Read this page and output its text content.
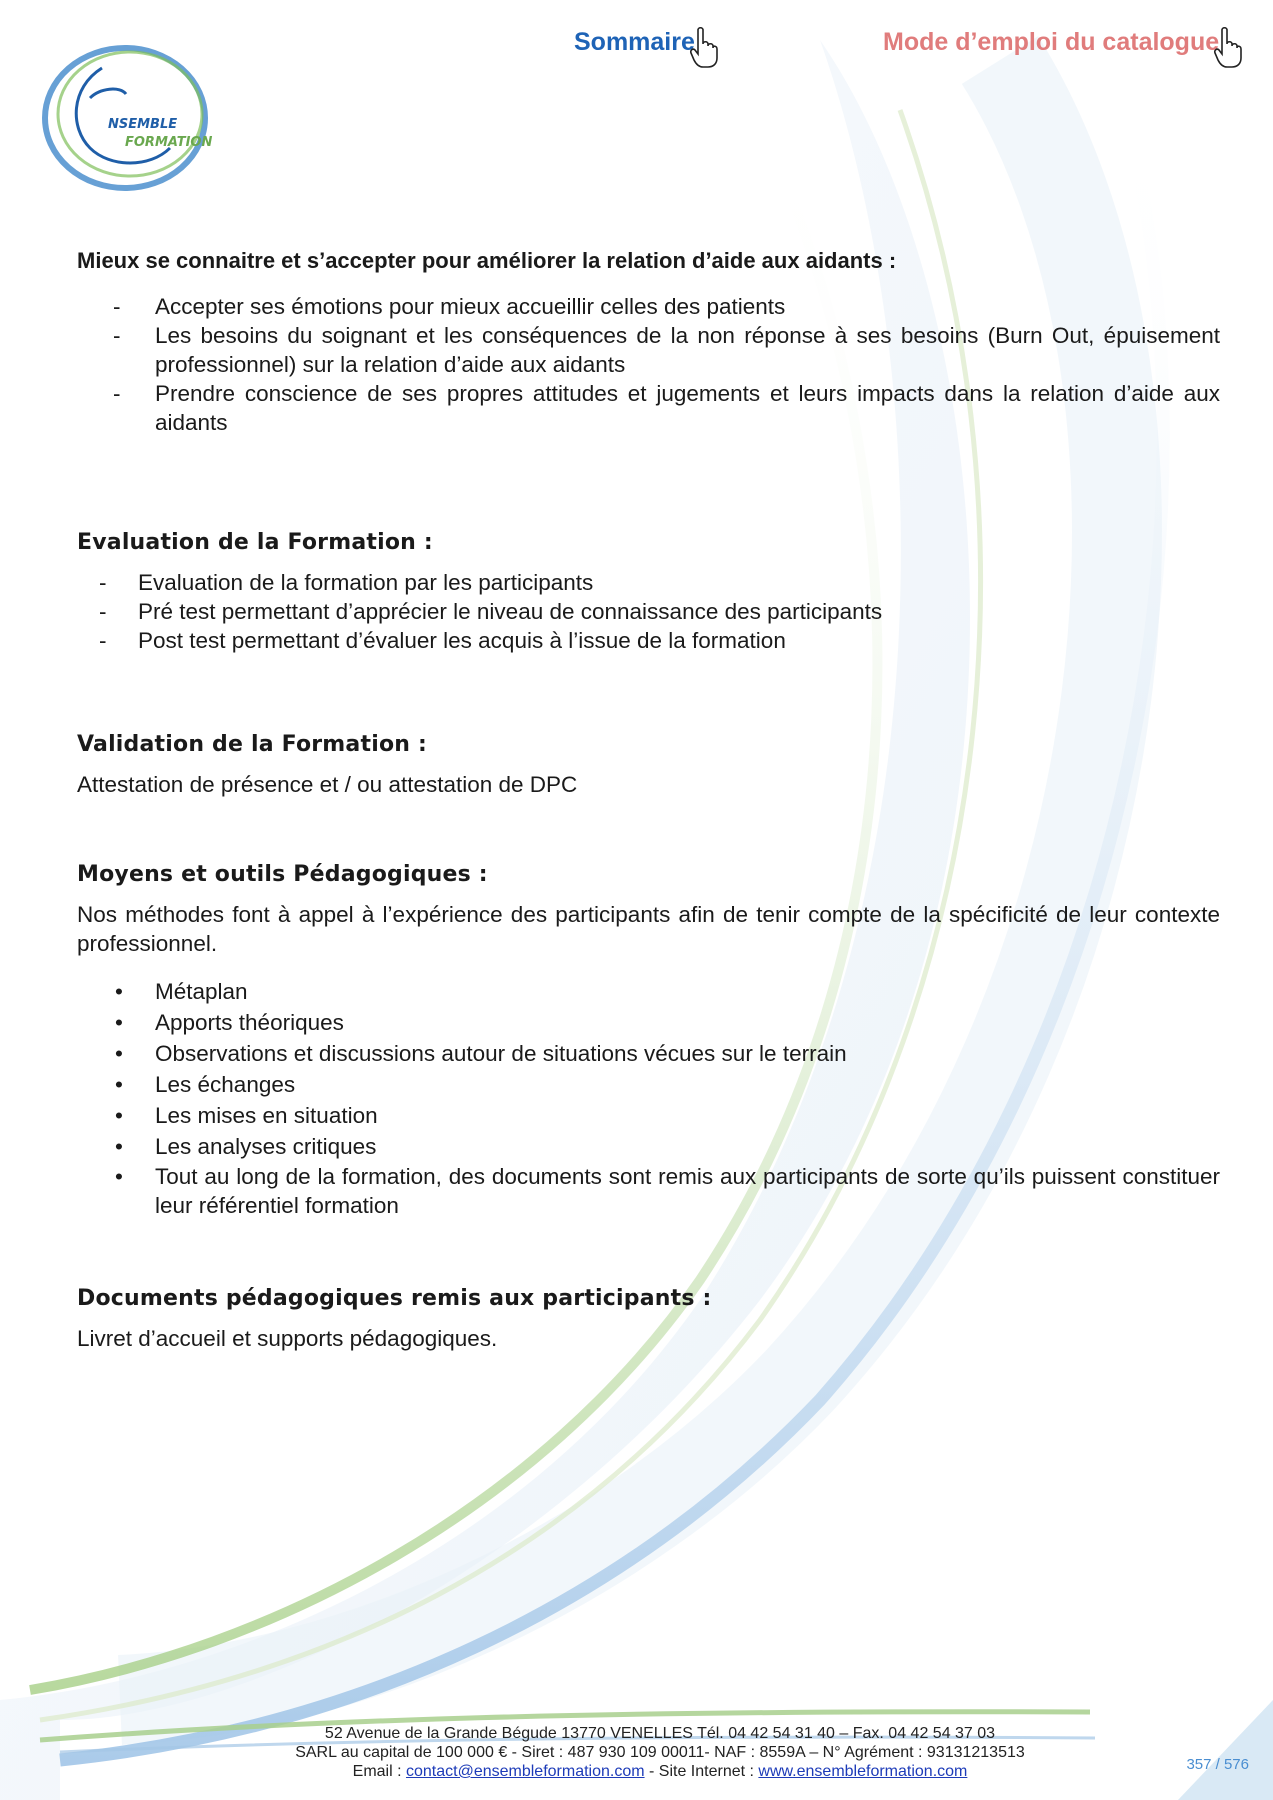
NSEMBLE
FORMATION
Sommaire	Mode d’emploi du catalogue
Mieux se connaitre et s’accepter pour améliorer la relation d’aide aux aidants :
- Accepter ses émotions pour mieux accueillir celles des patients
- Les besoins du soignant et les conséquences de la non réponse à ses besoins (Burn Out, épuisement professionnel) sur la relation d’aide aux aidants
- Prendre conscience de ses propres attitudes et jugements et leurs impacts dans la relation d’aide aux aidants
Evaluation de la Formation :
- Evaluation de la formation par les participants
- Pré test permettant d’apprécier le niveau de connaissance des participants
- Post test permettant d’évaluer les acquis à l’issue de la formation
Validation de la Formation :
Attestation de présence et / ou attestation de DPC
Moyens et outils Pédagogiques :
Nos méthodes font à appel à l’expérience des participants afin de tenir compte de la spécificité de leur contexte professionnel.
• Métaplan
• Apports théoriques
• Observations et discussions autour de situations vécues sur le terrain
• Les échanges
• Les mises en situation
• Les analyses critiques
• Tout au long de la formation, des documents sont remis aux participants de sorte qu’ils puissent constituer leur référentiel formation
Documents pédagogiques remis aux participants :
Livret d’accueil et supports pédagogiques.
52 Avenue de la Grande Bégude 13770 VENELLES Tél. 04 42 54 31 40 – Fax. 04 42 54 37 03
SARL au capital de 100 000 € - Siret : 487 930 109 00011- NAF : 8559A – N° Agrément : 93131213513
Email : contact@ensembleformation.com - Site Internet : www.ensembleformation.com	357 / 576
